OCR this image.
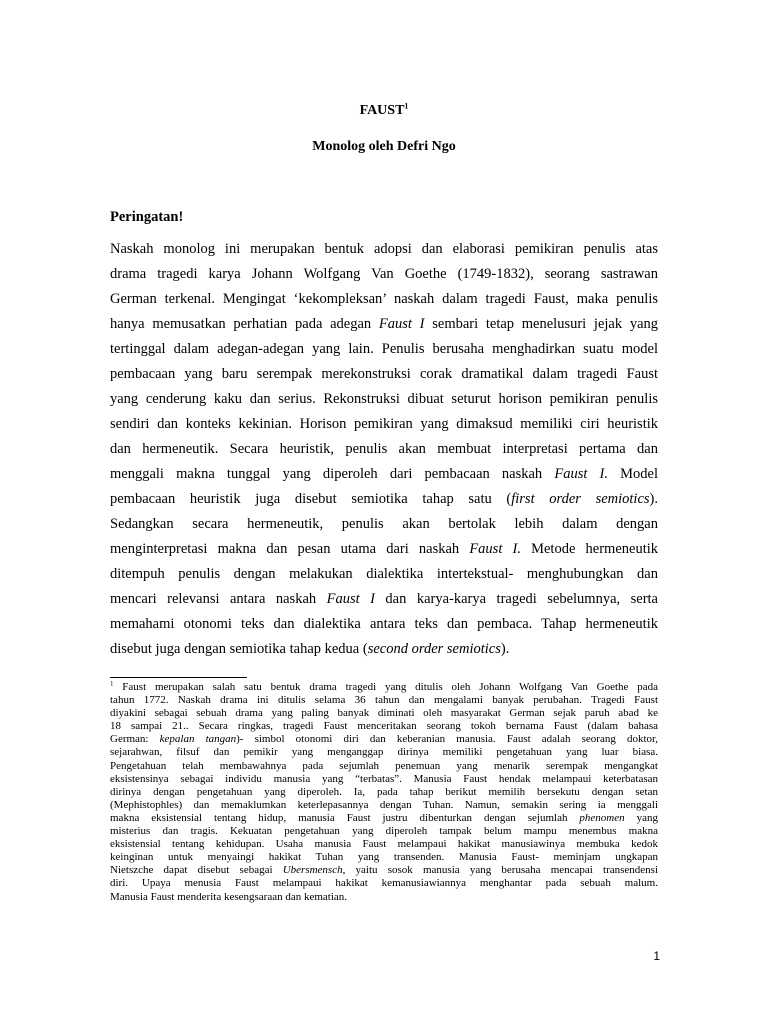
FAUST$^1$
Monolog oleh Defri Ngo
Peringatan!
Naskah monolog ini merupakan bentuk adopsi dan elaborasi pemikiran penulis atas
drama tragedi karya Johann Wolfgang Van Goethe (1749-1832), seorang sastrawan
German terkenal. Mengingat ‘kekompleksan’ naskah dalam tragedi Faust, maka penulis
hanya memusatkan perhatian pada adegan Faust I sembari tetap menelusuri jejak yang
tertinggal dalam adegan-adegan yang lain. Penulis berusaha menghadirkan suatu model
pembacaan yang baru serempak merekonstruksi corak dramatikal dalam tragedi Faust
yang cenderung kaku dan serius. Rekonstruksi dibuat seturut horison pemikiran penulis
sendiri dan konteks kekinian. Horison pemikiran yang dimaksud memiliki ciri heuristik
dan hermeneutik. Secara heuristik, penulis akan membuat interpretasi pertama dan
menggali makna tunggal yang diperoleh dari pembacaan naskah Faust I. Model
pembacaan heuristik juga disebut semiotika tahap satu (first order semiotics).
Sedangkan secara hermeneutik, penulis akan bertolak lebih dalam dengan
menginterpretasi makna dan pesan utama dari naskah Faust I. Metode hermeneutik
ditempuh penulis dengan melakukan dialektika intertekstual- menghubungkan dan
mencari relevansi antara naskah Faust I dan karya-karya tragedi sebelumnya, serta
memahami otonomi teks dan dialektika antara teks dan pembaca. Tahap hermeneutik
disebut juga dengan semiotika tahap kedua (second order semiotics).
$^1$ Faust merupakan salah satu bentuk drama tragedi yang ditulis oleh Johann Wolfgang Van Goethe pada
tahun 1772. Naskah drama ini ditulis selama 36 tahun dan mengalami banyak perubahan. Tragedi Faust
diyakini sebagai sebuah drama yang paling banyak diminati oleh masyarakat German sejak paruh abad ke
18 sampai 21.. Secara ringkas, tragedi Faust menceritakan seorang tokoh bernama Faust (dalam bahasa
German: kepalan tangan)- simbol otonomi diri dan keberanian manusia. Faust adalah seorang doktor,
sejarahwan, filsuf dan pemikir yang menganggap dirinya memiliki pengetahuan yang luar biasa.
Pengetahuan telah membawahnya pada sejumlah penemuan yang menarik serempak mengangkat
eksistensinya sebagai individu manusia yang “terbatas”. Manusia Faust hendak melampaui keterbatasan
dirinya dengan pengetahuan yang diperoleh. Ia, pada tahap berikut memilih bersekutu dengan setan
(Mephistophles) dan memaklumkan keterlepasannya dengan Tuhan. Namun, semakin sering ia menggali
makna eksistensial tentang hidup, manusia Faust justru dibenturkan dengan sejumlah phenomen yang
misterius dan tragis. Kekuatan pengetahuan yang diperoleh tampak belum mampu menembus makna
eksistensial tentang kehidupan. Usaha manusia Faust melampaui hakikat manusiawinya membuka kedok
keinginan untuk menyaingi hakikat Tuhan yang transenden. Manusia Faust- meminjam ungkapan
Nietszche dapat disebut sebagai Ubersmensch, yaitu sosok manusia yang berusaha mencapai transendensi
diri. Upaya menusia Faust melampaui hakikat kemanusiawiannya menghantar pada sebuah malum.
Manusia Faust menderita kesengsaraan dan kematian.
1
